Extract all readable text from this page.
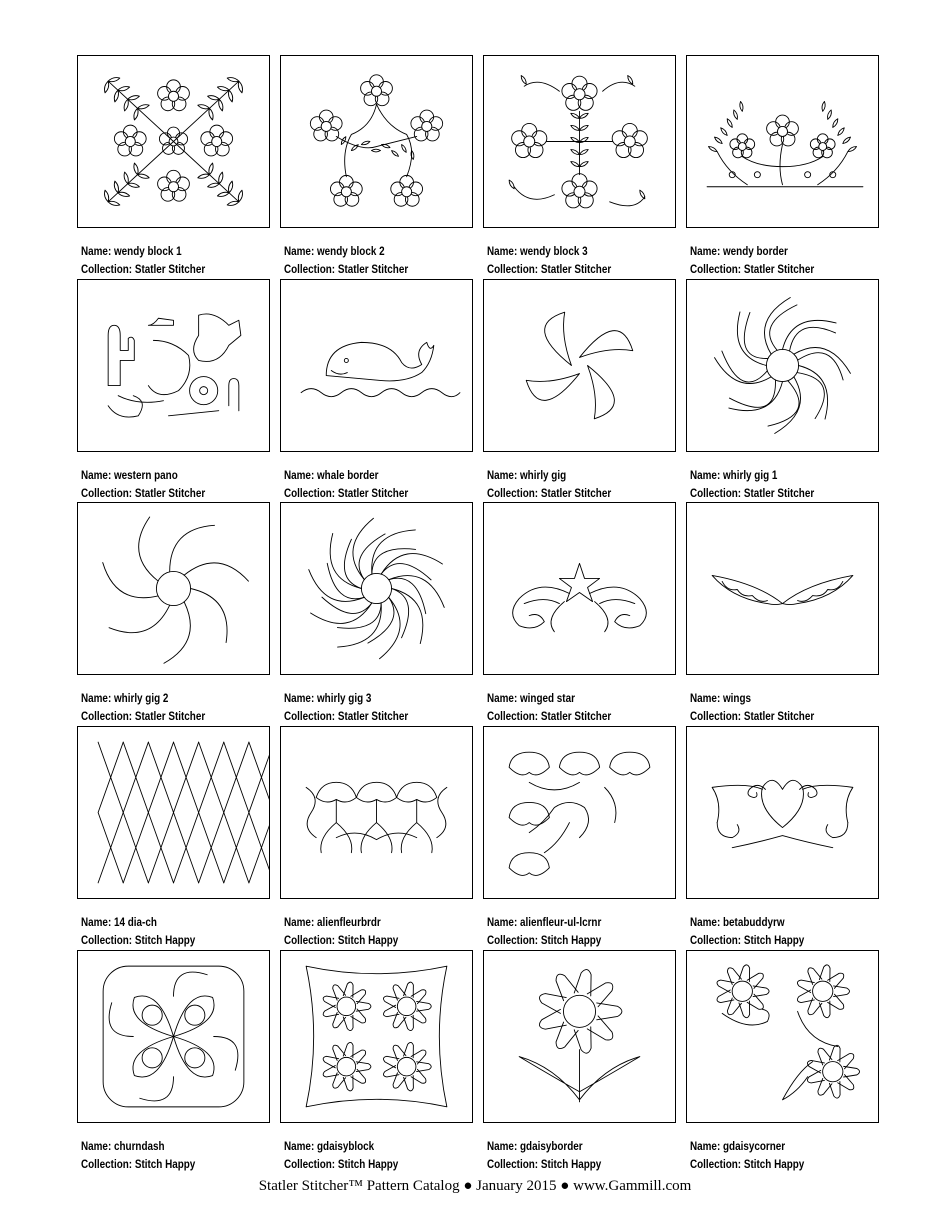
Name: wendy block 1
Collection: Statler Stitcher
Name: wendy block 2
Collection: Statler Stitcher
Name: wendy block 3
Collection: Statler Stitcher
Name: wendy border
Collection: Statler Stitcher
Name: western pano
Collection: Statler Stitcher
Name: whale border
Collection: Statler Stitcher
Name: whirly gig
Collection: Statler Stitcher
Name: whirly gig 1
Collection: Statler Stitcher
Name: whirly gig 2
Collection: Statler Stitcher
Name: whirly gig 3
Collection: Statler Stitcher
Name: winged star
Collection: Statler Stitcher
Name: wings
Collection: Statler Stitcher
Name: 14 dia-ch
Collection: Stitch Happy
Name: alienfleurbrdr
Collection: Stitch Happy
Name: alienfleur-ul-lcrnr
Collection: Stitch Happy
Name: betabuddyrw
Collection: Stitch Happy
Name: churndash
Collection: Stitch Happy
Name: gdaisyblock
Collection: Stitch Happy
Name: gdaisyborder
Collection: Stitch Happy
Name: gdaisycorner
Collection: Stitch Happy
Statler Stitcher™ Pattern Catalog ● January 2015 ● www.Gammill.com
